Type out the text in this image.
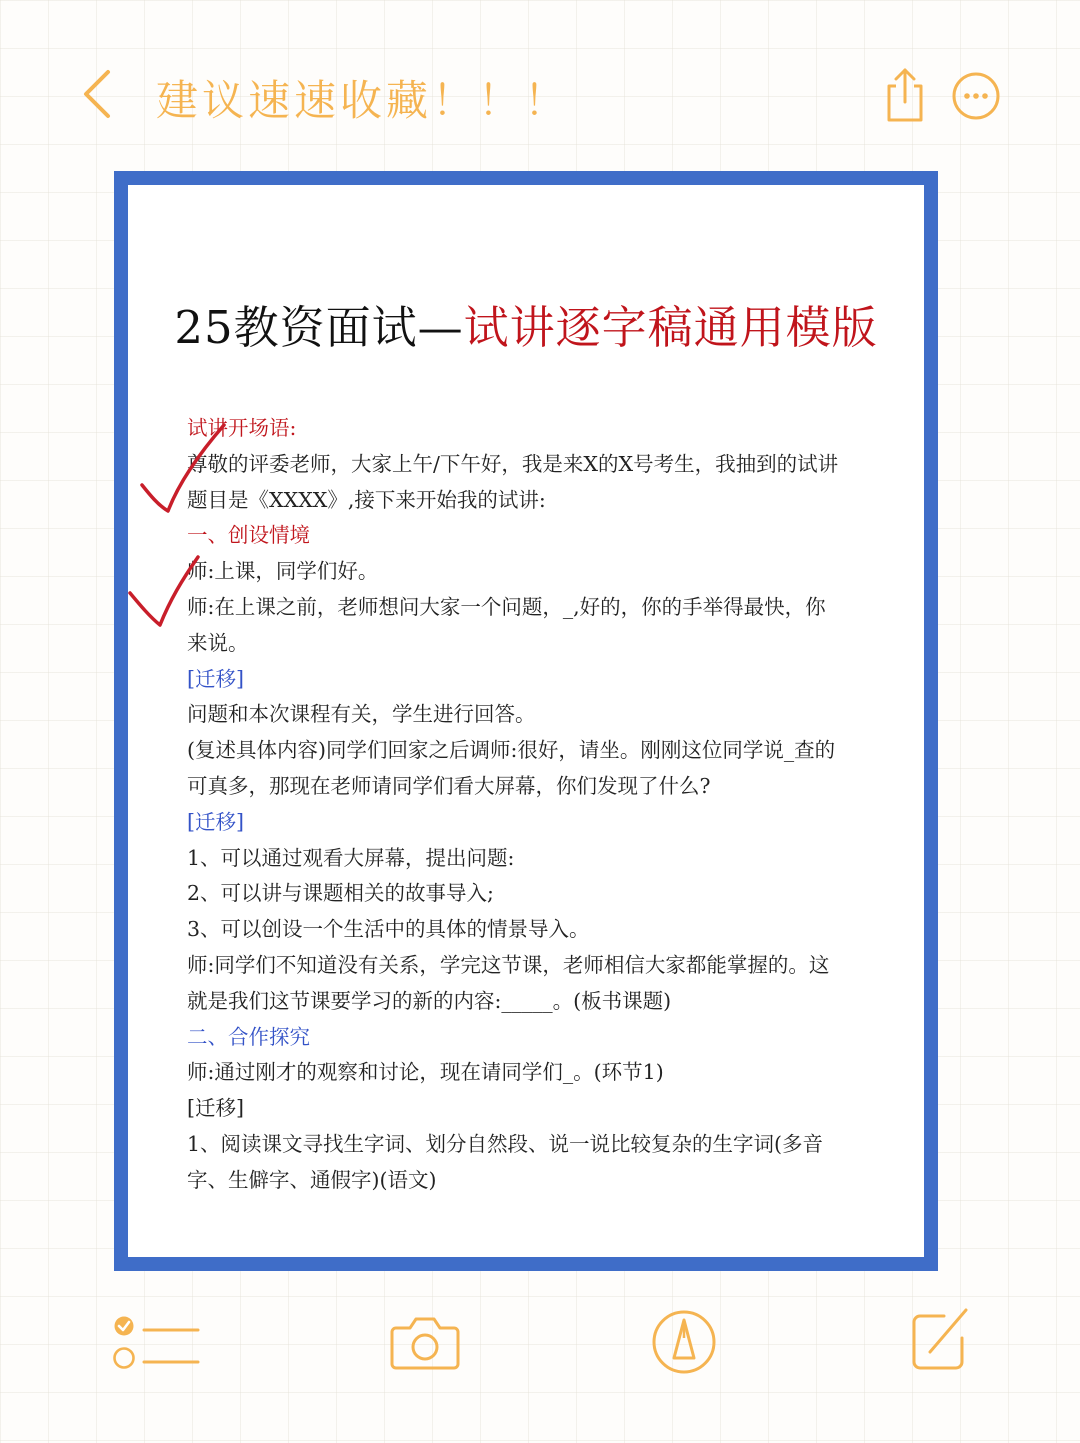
建议速速收藏！！！
25教资面试—试讲逐字稿通用模版
试讲开场语:
尊敬的评委老师，大家上午/下午好，我是来X的X号考生，我抽到的试讲
题目是《XXXX》,接下来开始我的试讲:
一、创设情境
师:上课，同学们好。
师:在上课之前，老师想问大家一个问题，_,好的，你的手举得最快，你
来说。
[迁移]
问题和本次课程有关，学生进行回答。
(复述具体内容)同学们回家之后调师:很好，请坐。刚刚这位同学说_查的
可真多，那现在老师请同学们看大屏幕，你们发现了什么?
[迁移]
1、可以通过观看大屏幕，提出问题:
2、可以讲与课题相关的故事导入;
3、可以创设一个生活中的具体的情景导入。
师:同学们不知道没有关系，学完这节课，老师相信大家都能掌握的。这
就是我们这节课要学习的新的内容:_____。(板书课题)
二、合作探究
师:通过刚才的观察和讨论，现在请同学们_。(环节1)
[迁移]
1、阅读课文寻找生字词、划分自然段、说一说比较复杂的生字词(多音
字、生僻字、通假字)(语文)
